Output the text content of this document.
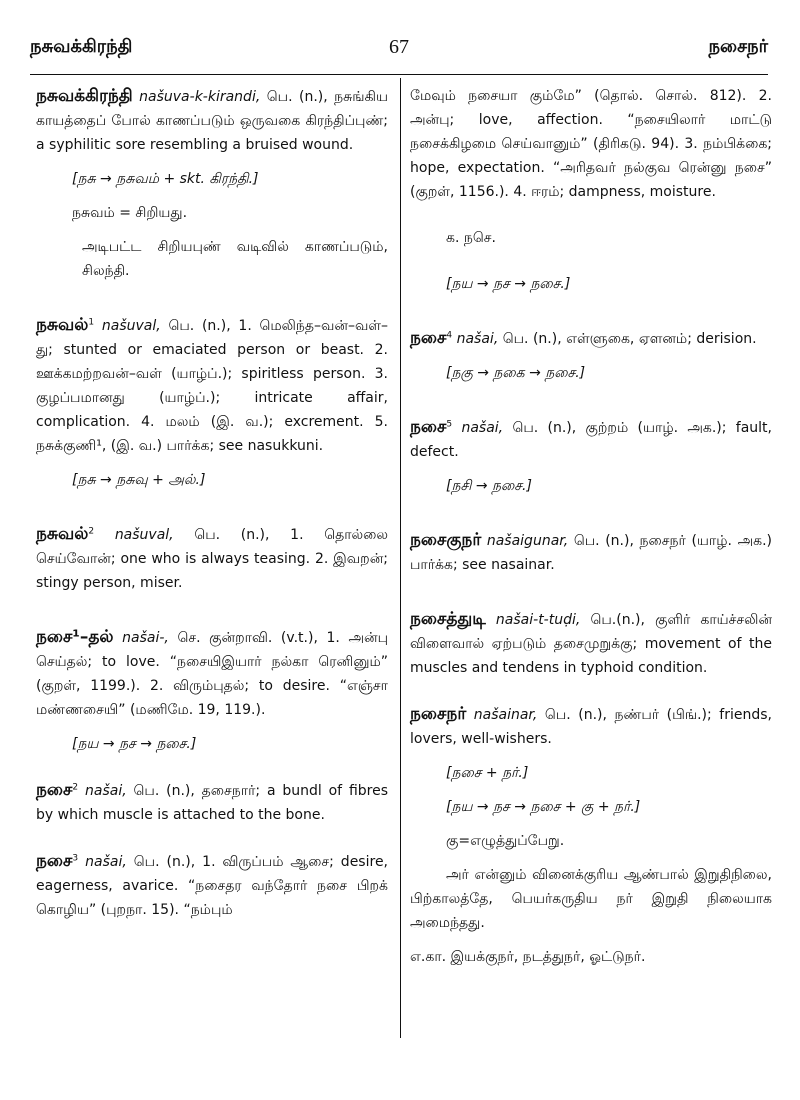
நசுவக்கிரந்தி	67	நசைநர்
நசுவக்கிரந்தி našuva-k-kirandi, பெ. (n.), நசுங்கிய காயத்தைப் போல் காணப்படும் ஒருவகை கிரந்திப்புண்; a syphilitic sore resembling a bruised wound.
[நசு → நசுவம் + skt. கிரந்தி.]
நசுவம் = சிறியது.
அடிபட்ட சிறியபுண் வடிவில் காணப்படும், சிலந்தி.
நசுவல்$^1$ našuval, பெ. (n.), 1. மெலிந்த–வன்–வள்–து; stunted or emaciated person or beast. 2. ஊக்கமற்றவன்–வள் (யாழ்ப்.); spiritless person. 3. குழப்பமானது (யாழ்ப்.); intricate affair, complication. 4. மலம் (இ. வ.); excrement. 5. நசுக்குணி¹, (இ. வ.) பார்க்க; see nasukkuni.
[நசு → நசுவு + அல்.]
நசுவல்$^2$ našuval, பெ. (n.), 1. தொல்லை செய்வோன்; one who is always teasing. 2. இவறன்; stingy person, miser.
நசை¹–தல் našai-, செ. குன்றாவி. (v.t.), 1. அன்பு செய்தல்; to love. “நசையிஇயார் நல்கா ரெனினும்” (குறள், 1199.). 2. விரும்புதல்; to desire. “எஞ்சா மண்ணசையி” (மணிமே. 19, 119.).
[நய → நச → நசை.]
நசை$^2$ našai, பெ. (n.), தசைநார்; a bundl of fibres by which muscle is attached to the bone.
நசை$^3$ našai, பெ. (n.), 1. விருப்பம் ஆசை; desire, eagerness, avarice. “நசைதர வந்தோர் நசை பிறக் கொழிய” (புறநா. 15). “நம்பும்
மேவும் நசையா கும்மே” (தொல். சொல். 812). 2. அன்பு; love, affection. “நசையிலார் மாட்டு நசைக்கிழமை செய்வானும்” (திரிகடு. 94). 3. நம்பிக்கை; hope, expectation. “அரிதவர் நல்குவ ரென்னு நசை” (குறள், 1156.). 4. ஈரம்; dampness, moisture.
க. நசெ.
[நய → நச → நசை.]
நசை$^4$ našai, பெ. (n.), எள்ளுகை, ஏளனம்; derision.
[நகு → நகை → நசை.]
நசை$^5$ našai, பெ. (n.), குற்றம் (யாழ். அக.); fault, defect.
[நசி → நசை.]
நசைகுநர் našaigunar, பெ. (n.), நசைநர் (யாழ். அக.) பார்க்க; see nasainar.
நசைத்துடி našai-t-tuḍi, பெ.(n.), குளிர் காய்ச்சலின் விளைவால் ஏற்படும் தசைமுறுக்கு; movement of the muscles and tendens in typhoid condition.
நசைநர் našainar, பெ. (n.), நண்பர் (பிங்.); friends, lovers, well-wishers.
[நசை + நர்.]
[நய → நச → நசை + கு + நர்.]
கு=எழுத்துப்பேறு.
அர் என்னும் வினைக்குரிய ஆண்பால் இறுதிநிலை, பிற்காலத்தே, பெயர்கருதிய நர் இறுதி நிலையாக அமைந்தது.
எ.கா. இயக்குநர், நடத்துநர், ஓட்டுநர்.
